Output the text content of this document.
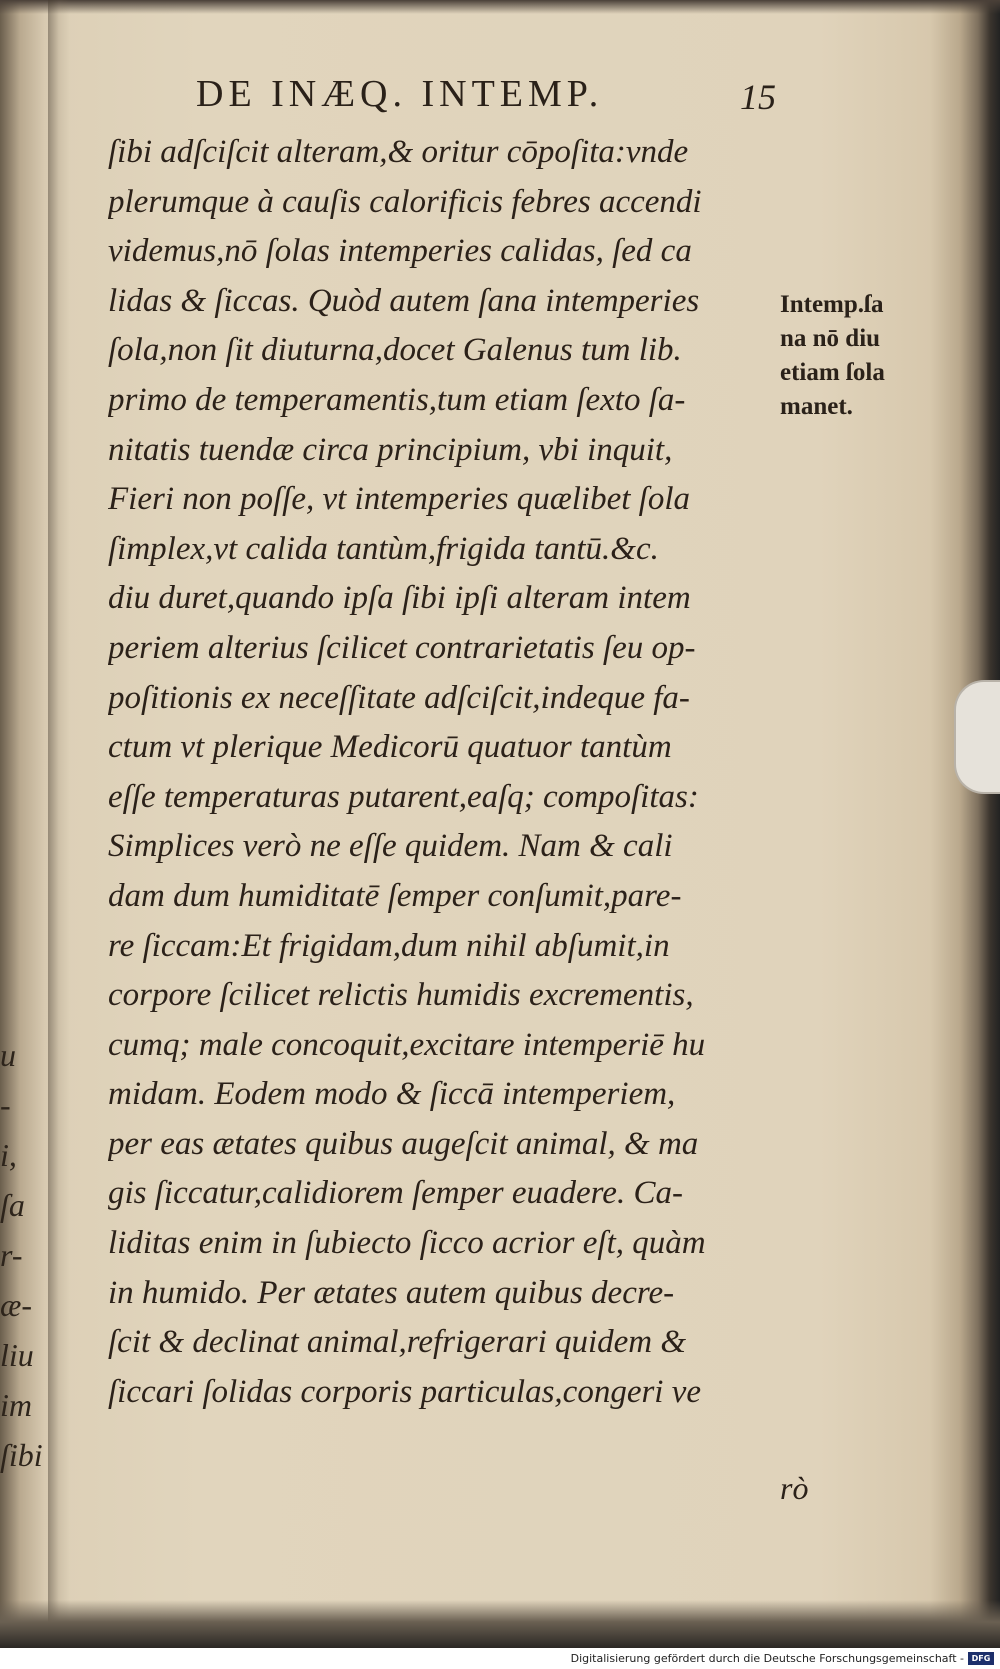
u
-
i,
ſa
r-
æ-
liu
im
ſibi
DE INÆQ. INTEMP.	15
ſibi adſciſcit alteram,& oritur cōpoſita:vnde
plerumque à cauſis calorificis febres accendi
videmus,nō ſolas intemperies calidas, ſed ca
lidas & ſiccas. Quòd autem ſana intemperies
ſola,non ſit diuturna,docet Galenus tum lib.
primo de temperamentis,tum etiam ſexto ſa-
nitatis tuendæ circa principium, vbi inquit,
Fieri non poſſe, vt intemperies quælibet ſola
ſimplex,vt calida tantùm,frigida tantū.&c.
diu duret,quando ipſa ſibi ipſi alteram intem
periem alterius ſcilicet contrarietatis ſeu op-
poſitionis ex neceſſitate adſciſcit,indeque fa-
ctum vt plerique Medicorū quatuor tantùm
eſſe temperaturas putarent,eaſq; compoſitas:
Simplices verò ne eſſe quidem. Nam & cali
dam dum humiditatē ſemper conſumit,pare-
re ſiccam:Et frigidam,dum nihil abſumit,in
corpore ſcilicet relictis humidis excrementis,
cumq; male concoquit,excitare intemperiē hu
midam. Eodem modo & ſiccā intemperiem,
per eas ætates quibus augeſcit animal, & ma
gis ſiccatur,calidiorem ſemper euadere. Ca-
liditas enim in ſubiecto ſicco acrior eſt, quàm
in humido. Per ætates autem quibus decre-
ſcit & declinat animal,refrigerari quidem &
ſiccari ſolidas corporis particulas,congeri ve
Intemp.ſa
na nō diu
etiam ſola
manet.
rò
Digitalisierung gefördert durch die Deutsche Forschungsgemeinschaft - DFG
